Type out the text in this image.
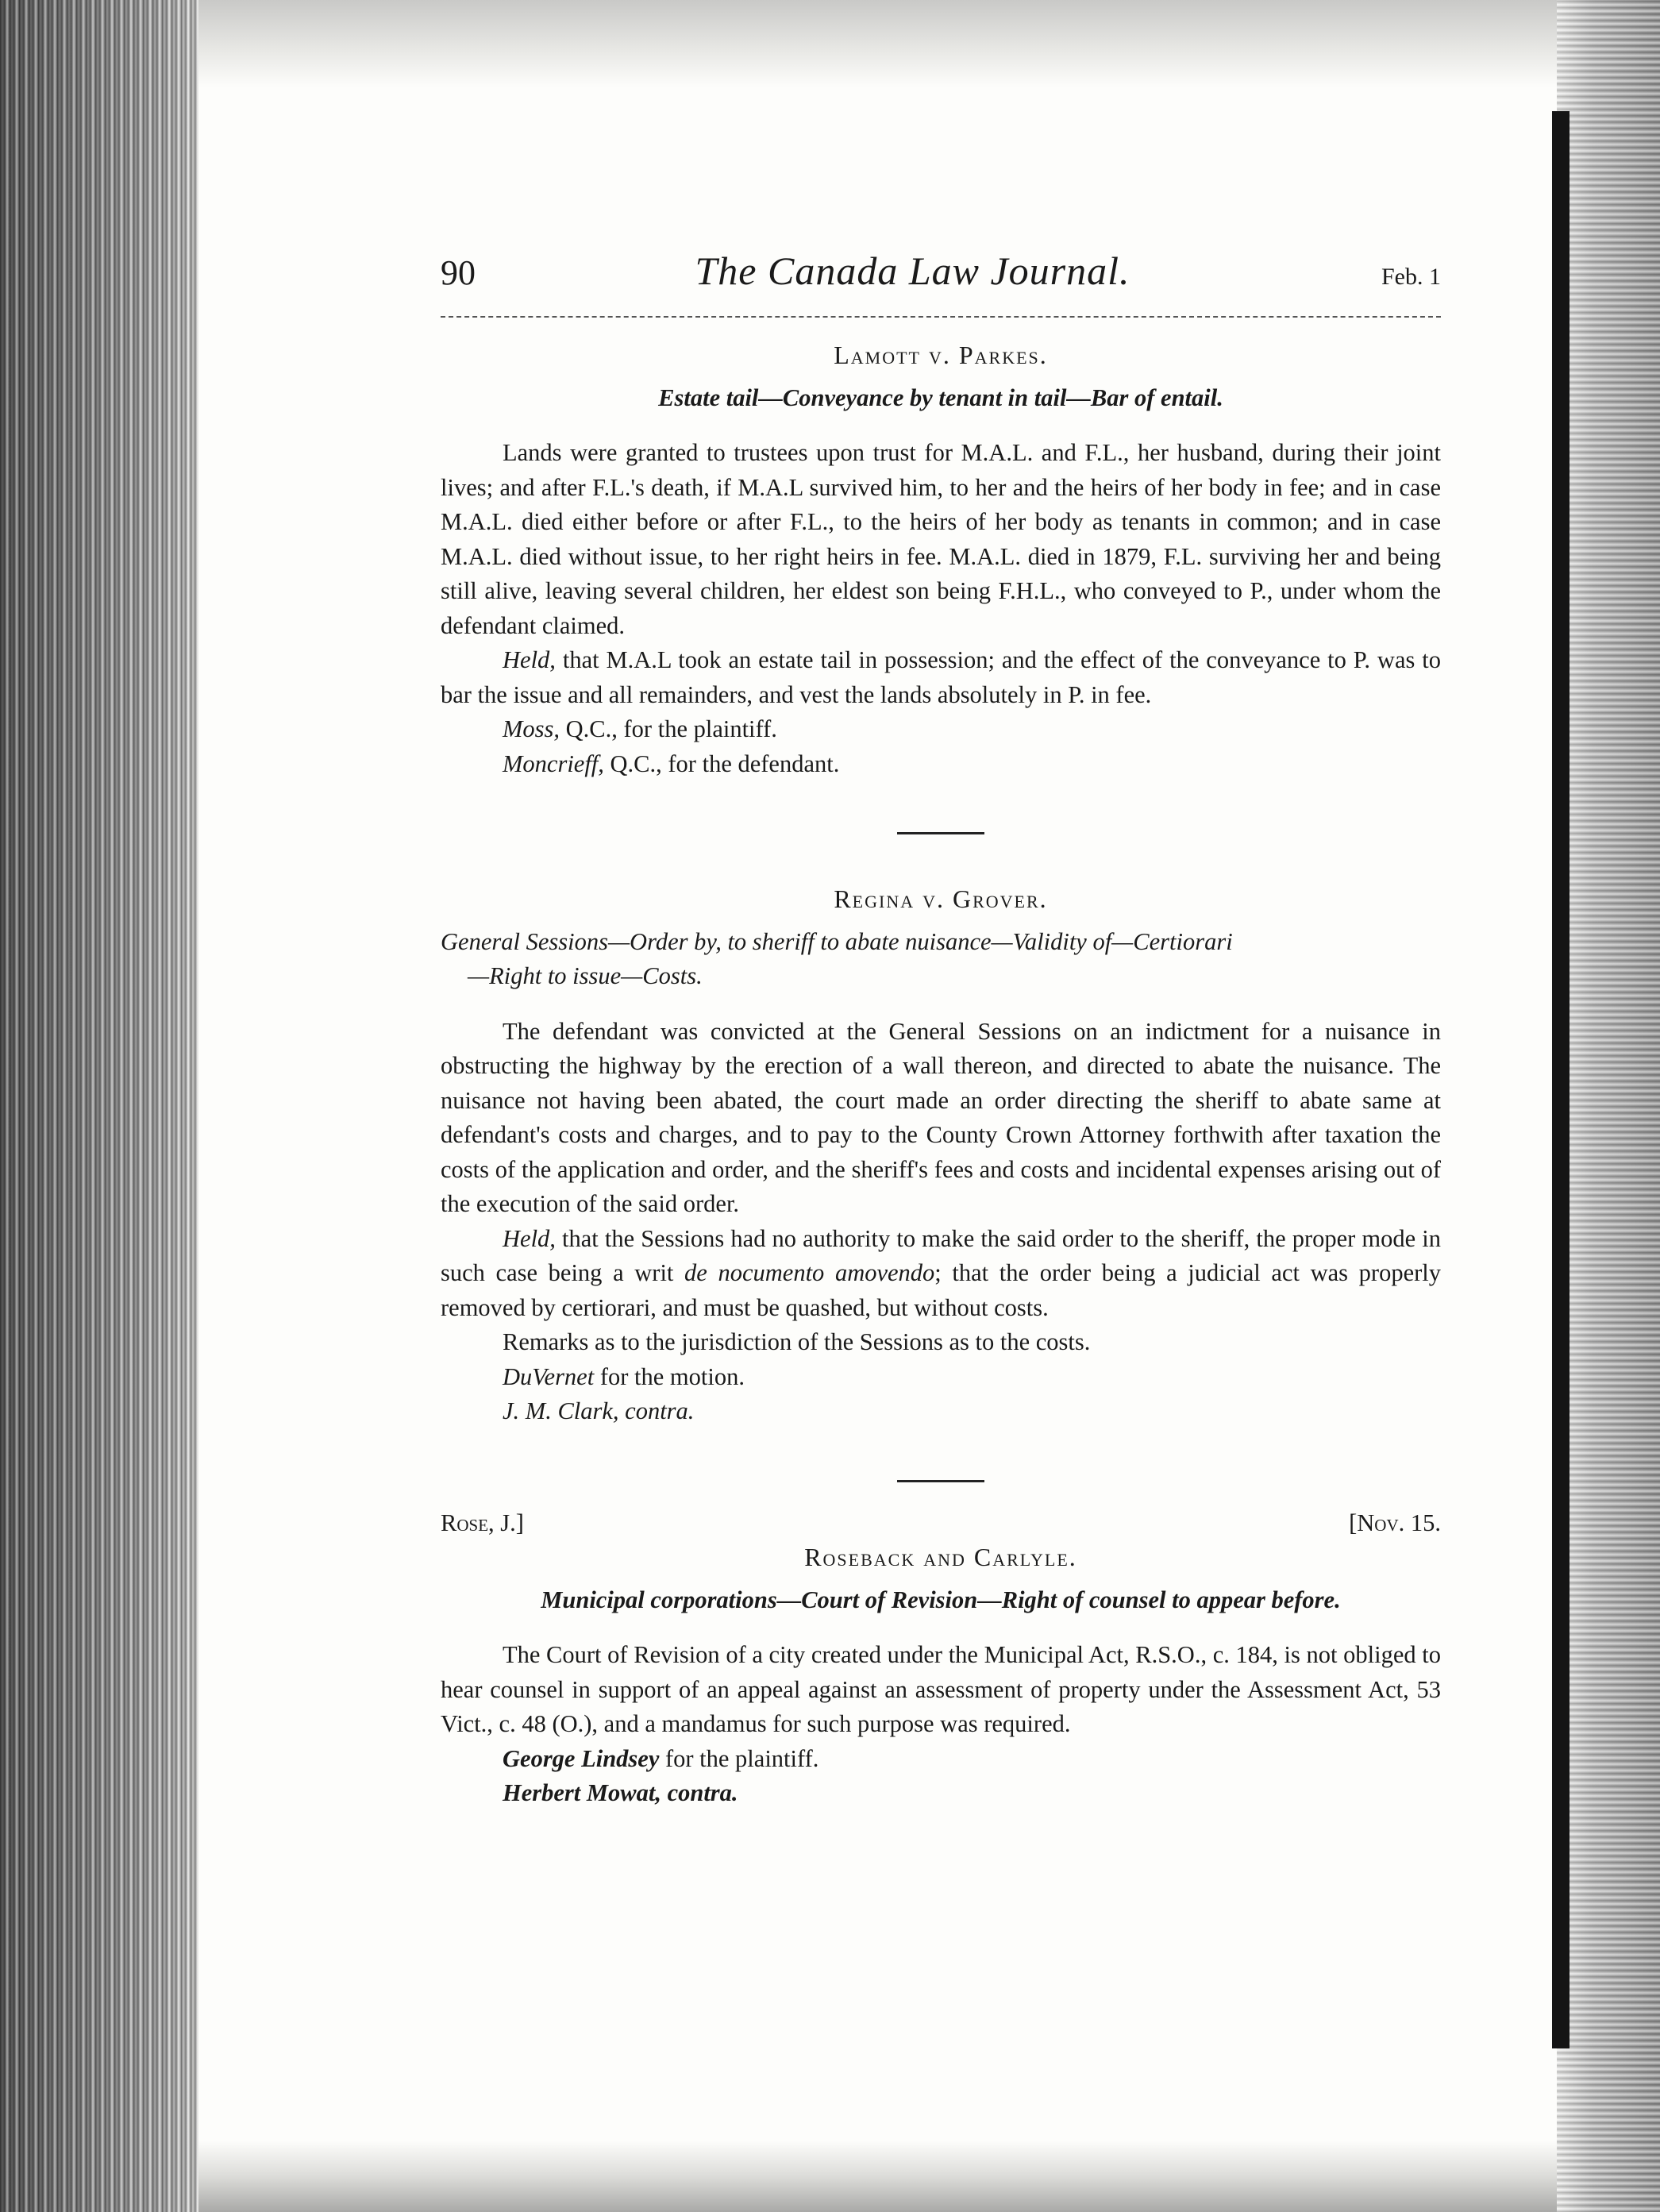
90	The Canada Law Journal.	Feb. 1
Lamott v. Parkes.
Estate tail—Conveyance by tenant in tail—Bar of entail.

Lands were granted to trustees upon trust for M.A.L. and F.L., her husband, during their joint lives; and after F.L.'s death, if M.A.L survived him, to her and the heirs of her body in fee; and in case M.A.L. died either before or after F.L., to the heirs of her body as tenants in common; and in case M.A.L. died without issue, to her right heirs in fee. M.A.L. died in 1879, F.L. surviving her and being still alive, leaving several children, her eldest son being F.H.L., who conveyed to P., under whom the defendant claimed.

Held, that M.A.L took an estate tail in possession; and the effect of the conveyance to P. was to bar the issue and all remainders, and vest the lands absolutely in P. in fee.

Moss, Q.C., for the plaintiff.

Moncrieff, Q.C., for the defendant.

Regina v. Grover.
General Sessions—Order by, to sheriff to abate nuisance—Validity of—Certiorari
—Right to issue—Costs.

The defendant was convicted at the General Sessions on an indictment for a nuisance in obstructing the highway by the erection of a wall thereon, and directed to abate the nuisance. The nuisance not having been abated, the court made an order directing the sheriff to abate same at defendant's costs and charges, and to pay to the County Crown Attorney forthwith after taxation the costs of the application and order, and the sheriff's fees and costs and incidental expenses arising out of the execution of the said order.

Held, that the Sessions had no authority to make the said order to the sheriff, the proper mode in such case being a writ de nocumento amovendo; that the order being a judicial act was properly removed by certiorari, and must be quashed, but without costs.

Remarks as to the jurisdiction of the Sessions as to the costs.

DuVernet for the motion.

J. M. Clark, contra.

Rose, J.]	[Nov. 15.
Roseback and Carlyle.
Municipal corporations—Court of Revision—Right of counsel to appear before.

The Court of Revision of a city created under the Municipal Act, R.S.O., c. 184, is not obliged to hear counsel in support of an appeal against an assessment of property under the Assessment Act, 53 Vict., c. 48 (O.), and a mandamus for such purpose was required.

George Lindsey for the plaintiff.

Herbert Mowat, contra.
